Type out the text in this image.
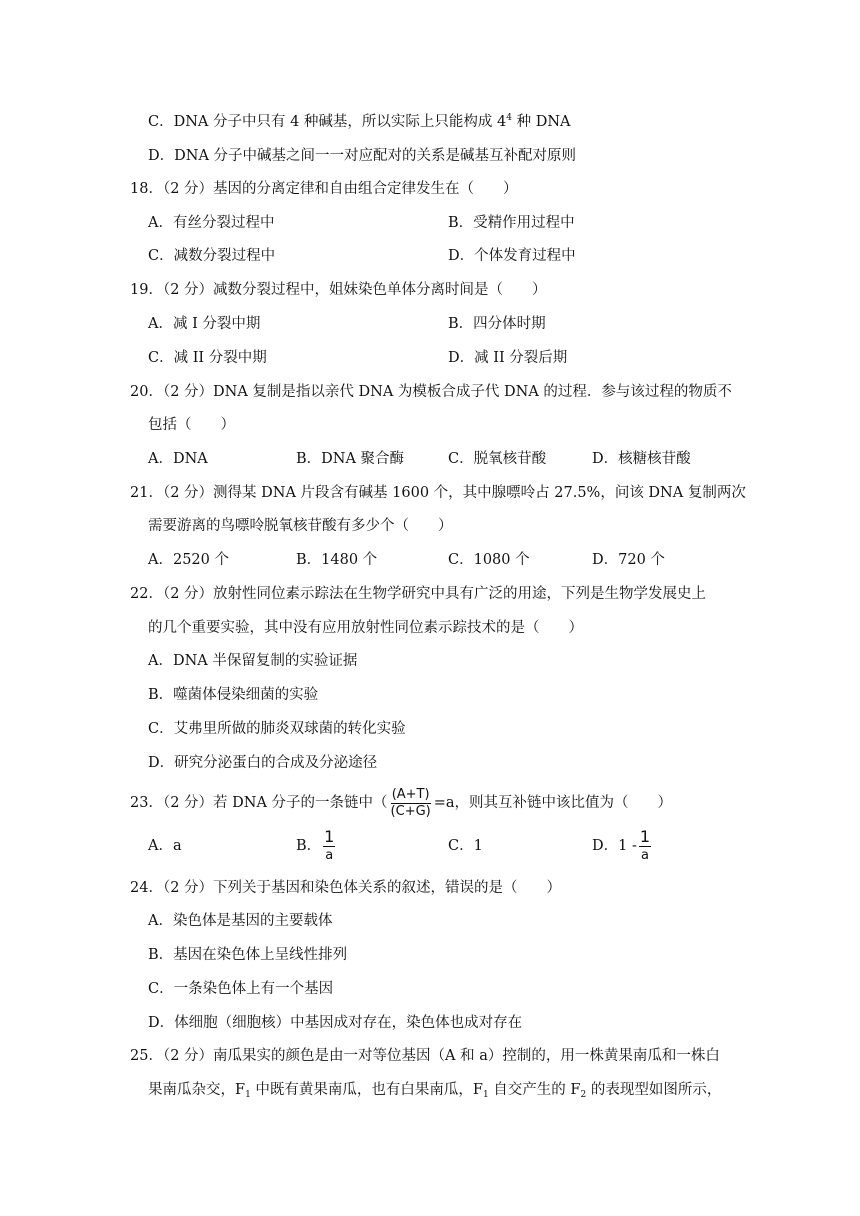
C．DNA 分子中只有 4 种碱基，所以实际上只能构成 $4^4$ 种 DNA
D．DNA 分子中碱基之间一一对应配对的关系是碱基互补配对原则
18．（2 分）基因的分离定律和自由组合定律发生在（　　）
A．有丝分裂过程中	B．受精作用过程中
C．减数分裂过程中	D．个体发育过程中
19．（2 分）减数分裂过程中，姐妹染色单体分离时间是（　　）
A．减 I 分裂中期	B．四分体时期
C．减 II 分裂中期	D．减 II 分裂后期
20．（2 分）DNA 复制是指以亲代 DNA 为模板合成子代 DNA 的过程．参与该过程的物质不
包括（　　）
A．DNA	B．DNA 聚合酶	C．脱氧核苷酸	D．核糖核苷酸
21．（2 分）测得某 DNA 片段含有碱基 1600 个，其中腺嘌呤占 27.5%，问该 DNA 复制两次
需要游离的鸟嘌呤脱氧核苷酸有多少个（　　）
A．2520 个	B．1480 个	C．1080 个	D．720 个
22．（2 分）放射性同位素示踪法在生物学研究中具有广泛的用途，下列是生物学发展史上
的几个重要实验，其中没有应用放射性同位素示踪技术的是（　　）
A．DNA 半保留复制的实验证据
B．噬菌体侵染细菌的实验
C．艾弗里所做的肺炎双球菌的转化实验
D．研究分泌蛋白的合成及分泌途径
23．（2 分）若 DNA 分子的一条链中（ $\frac{(A+T)}{(C+G)} =a$，则其互补链中该比值为（　　）
A．a	B． $\frac{1}{a}$	C．1	D．$1 - \frac{1}{a}$
24．（2 分）下列关于基因和染色体关系的叙述，错误的是（　　）
A．染色体是基因的主要载体
B．基因在染色体上呈线性排列
C．一条染色体上有一个基因
D．体细胞（细胞核）中基因成对存在，染色体也成对存在
25．（2 分）南瓜果实的颜色是由一对等位基因（A 和 a）控制的，用一株黄果南瓜和一株白
果南瓜杂交，$F_1$ 中既有黄果南瓜，也有白果南瓜，$F_1$ 自交产生的 $F_2$ 的表现型如图所示，
